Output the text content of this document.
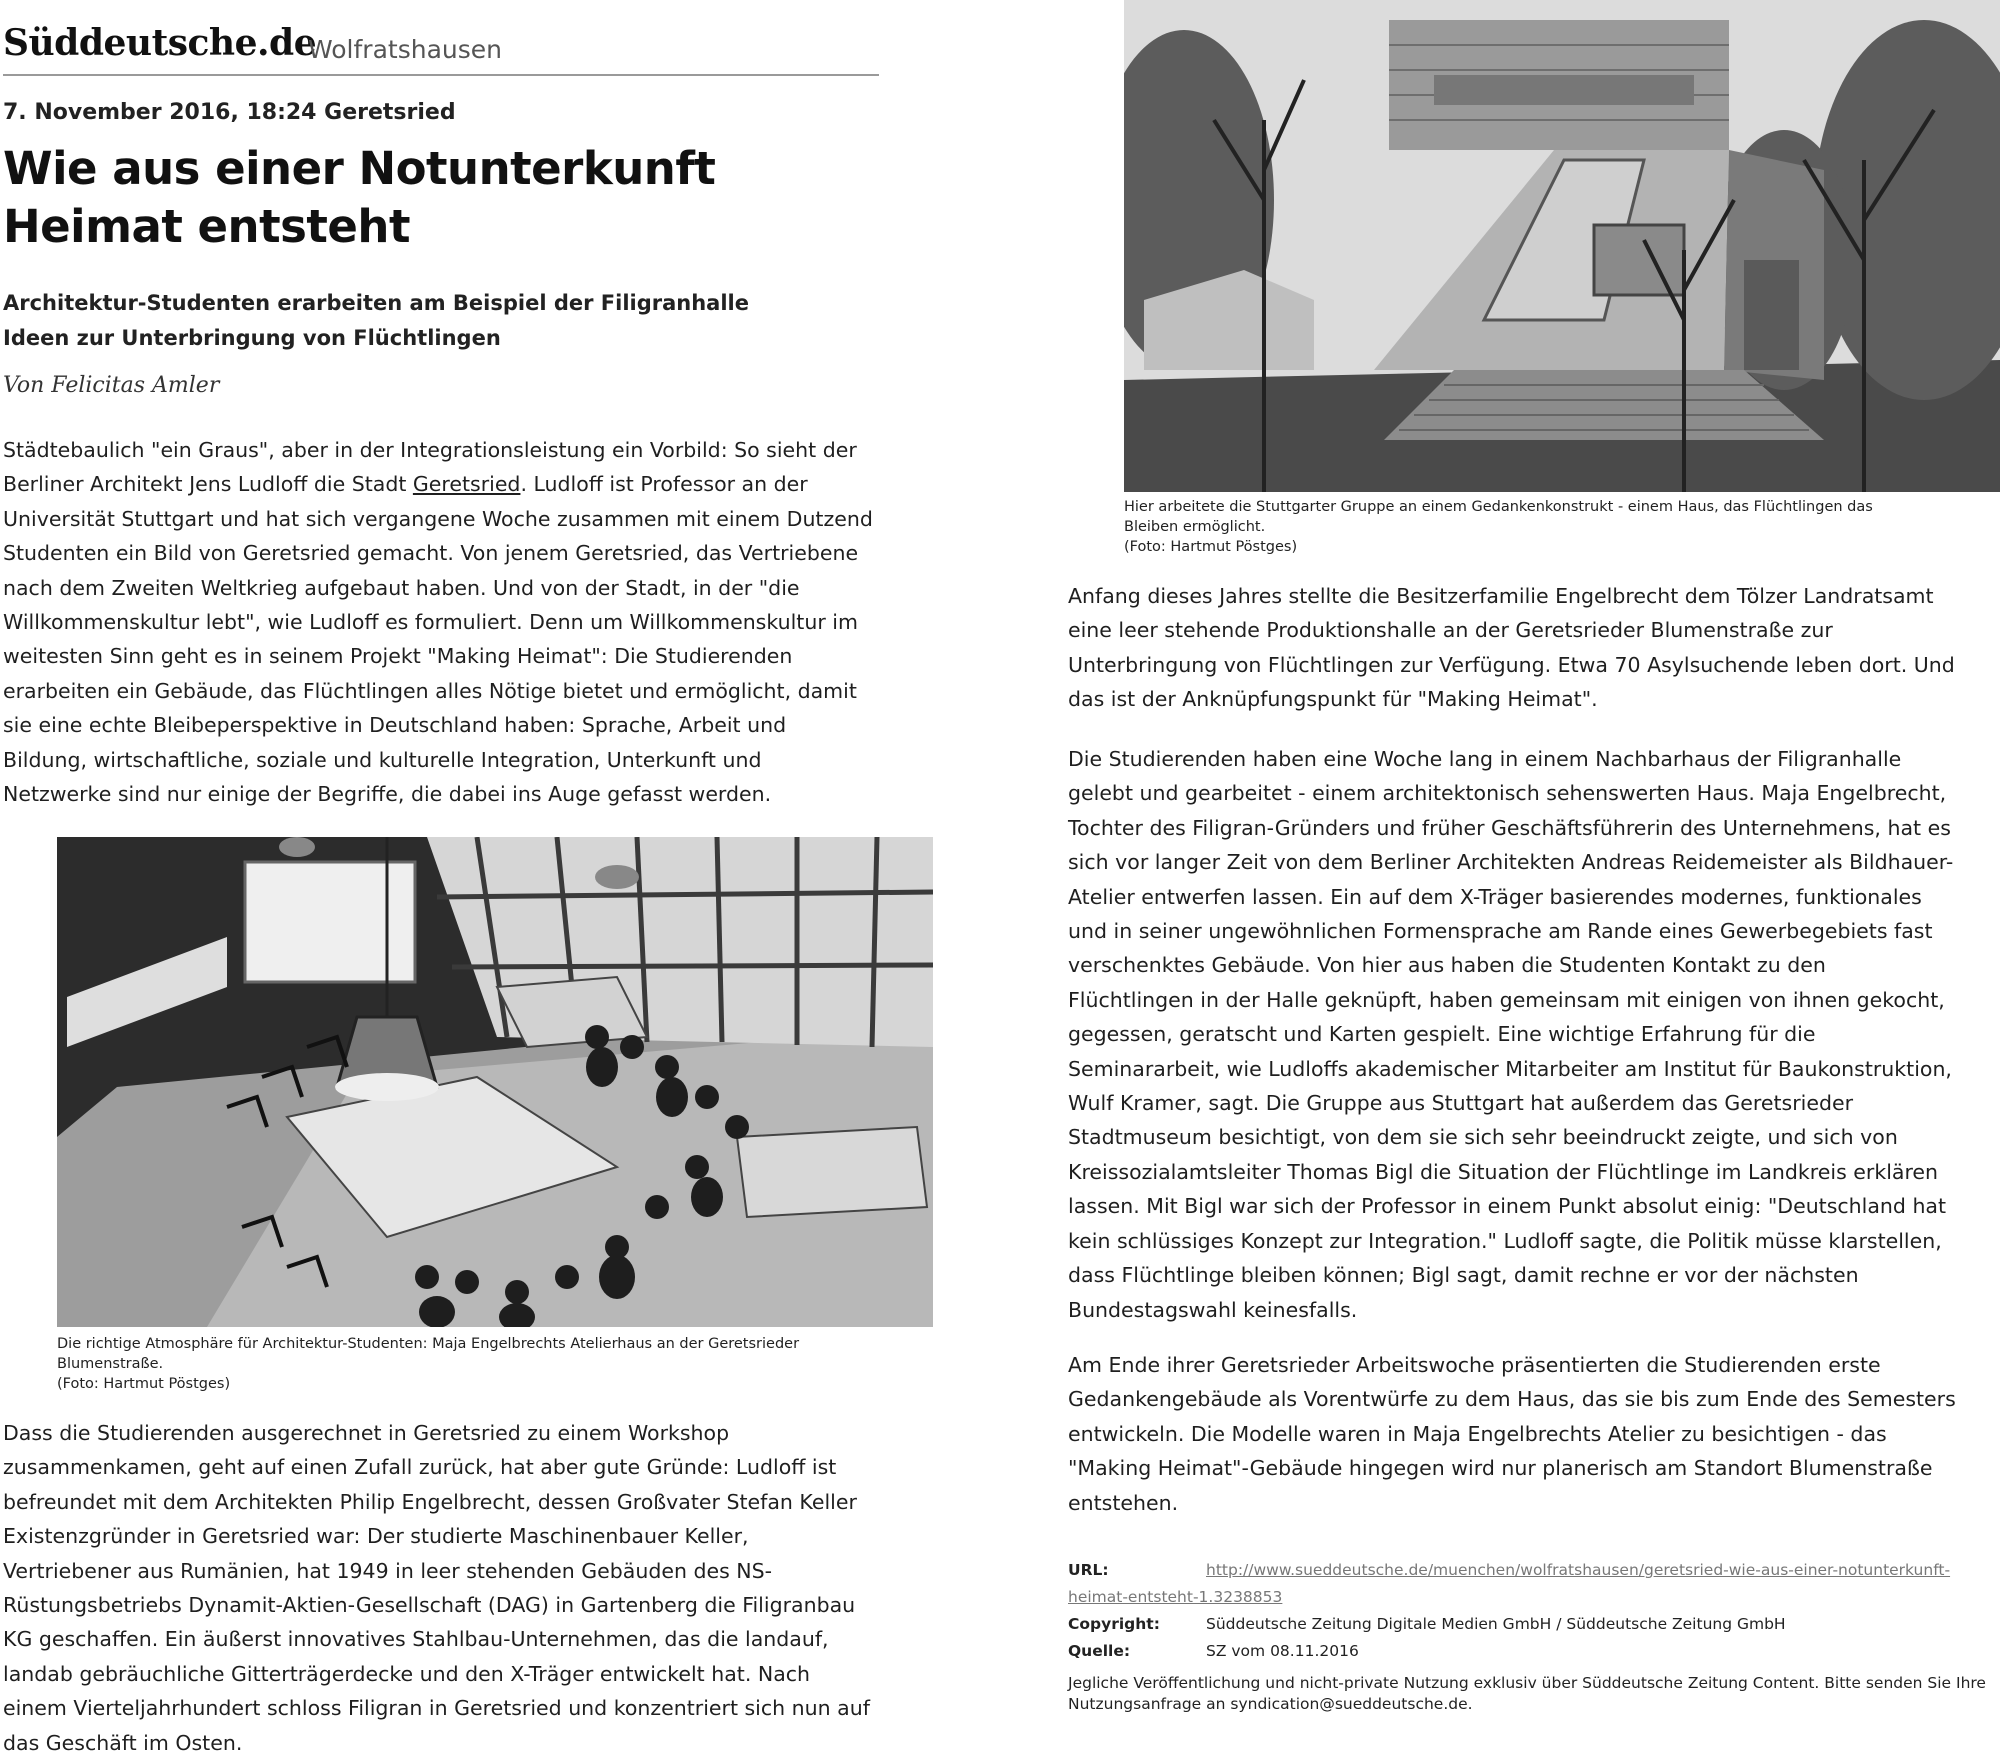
Süddeutsche.de
Wolfratshausen
7. November 2016, 18:24 Geretsried
Wie aus einer Notunterkunft Heimat entsteht
Architektur-Studenten erarbeiten am Beispiel der Filigranhalle Ideen zur Unterbringung von Flüchtlingen
Von Felicitas Amler

Städtebaulich "ein Graus", aber in der Integrationsleistung ein Vorbild: So sieht der Berliner Architekt Jens Ludloff die Stadt Geretsried. Ludloff ist Professor an der Universität Stuttgart und hat sich vergangene Woche zusammen mit einem Dutzend Studenten ein Bild von Geretsried gemacht. Von jenem Geretsried, das Vertriebene nach dem Zweiten Weltkrieg aufgebaut haben. Und von der Stadt, in der "die Willkommenskultur lebt", wie Ludloff es formuliert. Denn um Willkommenskultur im weitesten Sinn geht es in seinem Projekt "Making Heimat": Die Studierenden erarbeiten ein Gebäude, das Flüchtlingen alles Nötige bietet und ermöglicht, damit sie eine echte Bleibeperspektive in Deutschland haben: Sprache, Arbeit und Bildung, wirtschaftliche, soziale und kulturelle Integration, Unterkunft und Netzwerke sind nur einige der Begriffe, die dabei ins Auge gefasst werden.

Die richtige Atmosphäre für Architektur-Studenten: Maja Engelbrechts Atelierhaus an der Geretsrieder Blumenstraße.
(Foto: Hartmut Pöstges)

Dass die Studierenden ausgerechnet in Geretsried zu einem Workshop zusammenkamen, geht auf einen Zufall zurück, hat aber gute Gründe: Ludloff ist befreundet mit dem Architekten Philip Engelbrecht, dessen Großvater Stefan Keller Existenzgründer in Geretsried war: Der studierte Maschinenbauer Keller, Vertriebener aus Rumänien, hat 1949 in leer stehenden Gebäuden des NS-Rüstungsbetriebs Dynamit-Aktien-Gesellschaft (DAG) in Gartenberg die Filigranbau KG geschaffen. Ein äußerst innovatives Stahlbau-Unternehmen, das die landauf, landab gebräuchliche Gitterträgerdecke und den X-Träger entwickelt hat. Nach einem Vierteljahrhundert schloss Filigran in Geretsried und konzentriert sich nun auf das Geschäft im Osten.

Hier arbeitete die Stuttgarter Gruppe an einem Gedankenkonstrukt - einem Haus, das Flüchtlingen das Bleiben ermöglicht.
(Foto: Hartmut Pöstges)

Anfang dieses Jahres stellte die Besitzerfamilie Engelbrecht dem Tölzer Landratsamt eine leer stehende Produktionshalle an der Geretsrieder Blumenstraße zur Unterbringung von Flüchtlingen zur Verfügung. Etwa 70 Asylsuchende leben dort. Und das ist der Anknüpfungspunkt für "Making Heimat".

Die Studierenden haben eine Woche lang in einem Nachbarhaus der Filigranhalle gelebt und gearbeitet - einem architektonisch sehenswerten Haus. Maja Engelbrecht, Tochter des Filigran-Gründers und früher Geschäftsführerin des Unternehmens, hat es sich vor langer Zeit von dem Berliner Architekten Andreas Reidemeister als Bildhauer-Atelier entwerfen lassen. Ein auf dem X-Träger basierendes modernes, funktionales und in seiner ungewöhnlichen Formensprache am Rande eines Gewerbegebiets fast verschenktes Gebäude. Von hier aus haben die Studenten Kontakt zu den Flüchtlingen in der Halle geknüpft, haben gemeinsam mit einigen von ihnen gekocht, gegessen, geratscht und Karten gespielt. Eine wichtige Erfahrung für die Seminararbeit, wie Ludloffs akademischer Mitarbeiter am Institut für Baukonstruktion, Wulf Kramer, sagt. Die Gruppe aus Stuttgart hat außerdem das Geretsrieder Stadtmuseum besichtigt, von dem sie sich sehr beeindruckt zeigte, und sich von Kreissozialamtsleiter Thomas Bigl die Situation der Flüchtlinge im Landkreis erklären lassen. Mit Bigl war sich der Professor in einem Punkt absolut einig: "Deutschland hat kein schlüssiges Konzept zur Integration." Ludloff sagte, die Politik müsse klarstellen, dass Flüchtlinge bleiben können; Bigl sagt, damit rechne er vor der nächsten Bundestagswahl keinesfalls.

Am Ende ihrer Geretsrieder Arbeitswoche präsentierten die Studierenden erste Gedankengebäude als Vorentwürfe zu dem Haus, das sie bis zum Ende des Semesters entwickeln. Die Modelle waren in Maja Engelbrechts Atelier zu besichtigen - das "Making Heimat"-Gebäude hingegen wird nur planerisch am Standort Blumenstraße entstehen.

URL:	http://www.sueddeutsche.de/muenchen/wolfratshausen/geretsried-wie-aus-einer-notunterkunft-heimat-entsteht-1.3238853
Copyright:	Süddeutsche Zeitung Digitale Medien GmbH / Süddeutsche Zeitung GmbH
Quelle:	SZ vom 08.11.2016
Jegliche Veröffentlichung und nicht-private Nutzung exklusiv über Süddeutsche Zeitung Content. Bitte senden Sie Ihre Nutzungsanfrage an syndication@sueddeutsche.de.
